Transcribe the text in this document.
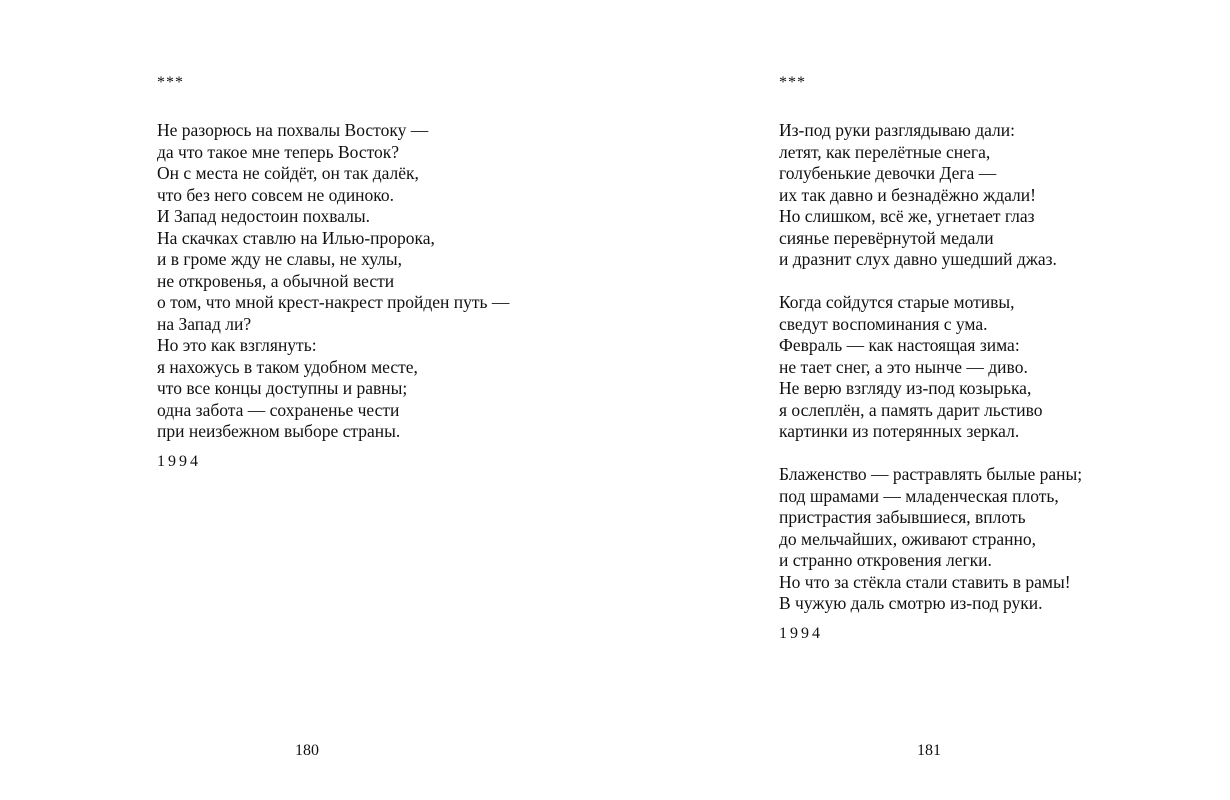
***
Не разорюсь на похвалы Востоку —
да что такое мне теперь Восток?
Он с места не сойдёт, он так далёк,
что без него совсем не одиноко.
И Запад недостоин похвалы.
На скачках ставлю на Илью-пророка,
и в громе жду не славы, не хулы,
не откровенья, а обычной вести
о том, что мной крест-накрест пройден путь —
на Запад ли?
Но это как взглянуть:
я нахожусь в таком удобном месте,
что все концы доступны и равны;
одна забота — сохраненье чести
при неизбежном выборе страны.
1994
180
***
Из-под руки разглядываю дали:
летят, как перелётные снега,
голубенькие девочки Дега —
их так давно и безнадёжно ждали!
Но слишком, всё же, угнетает глаз
сиянье перевёрнутой медали
и дразнит слух давно ушедший джаз.
Когда сойдутся старые мотивы,
сведут воспоминания с ума.
Февраль — как настоящая зима:
не тает снег, а это нынче — диво.
Не верю взгляду из-под козырька,
я ослеплён, а память дарит льстиво
картинки из потерянных зеркал.
Блаженство — растравлять былые раны;
под шрамами — младенческая плоть,
пристрастия забывшиеся, вплоть
до мельчайших, оживают странно,
и странно откровения легки.
Но что за стёкла стали ставить в рамы!
В чужую даль смотрю из-под руки.
1994
181
